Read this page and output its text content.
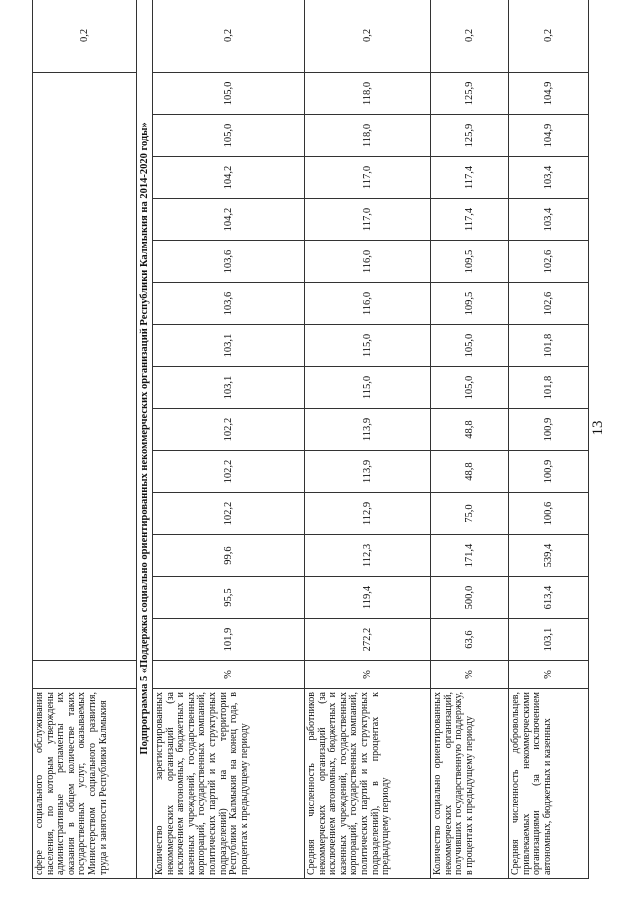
сфере социального обслуживания населения, по которым утверждены административные регламенты их оказания в общем количестве таких государственных услуг, оказываемых Министерством социального развития, труда и занятости Республики Калмыкия																0,2
Подпрограмма 5 «Поддержка социально ориентированных некоммерческих организаций Республики Калмыкия на 2014-2020 годы»																
Количество зарегистрированных некоммерческих организаций (за исключением автономных, бюджетных и казенных учреждений, государственных корпораций, государственных компаний, политических партий и их структурных подразделений) на территории Республики Калмыкия на конец года, в процентах к предыдущему периоду	%	101,9	95,5	99,6	102,2	102,2	102,2	103,1	103,1	103,6	103,6	104,2	104,2	105,0	105,0	0,2
Средняя численность работников некоммерческих организаций (за исключением автономных, бюджетных и казенных учреждений, государственных корпораций, государственных компаний, политических партий и их структурных подразделений), в процентах к предыдущему периоду	%	272,2	119,4	112,3	112,9	113,9	113,9	115,0	115,0	116,0	116,0	117,0	117,0	118,0	118,0	0,2
Количество социально ориентированных некоммерческих организаций, получивших государственную поддержку, в процентах к предыдущему периоду	%	63,6	500,0	171,4	75,0	48,8	48,8	105,0	105,0	109,5	109,5	117,4	117,4	125,9	125,9	0,2
Средняя численность добровольцев, привлекаемых некоммерческими организациями (за исключением автономных, бюджетных и казенных	%	103,1	613,4	539,4	100,6	100,9	100,9	101,8	101,8	102,6	102,6	103,4	103,4	104,9	104,9	0,2
13
